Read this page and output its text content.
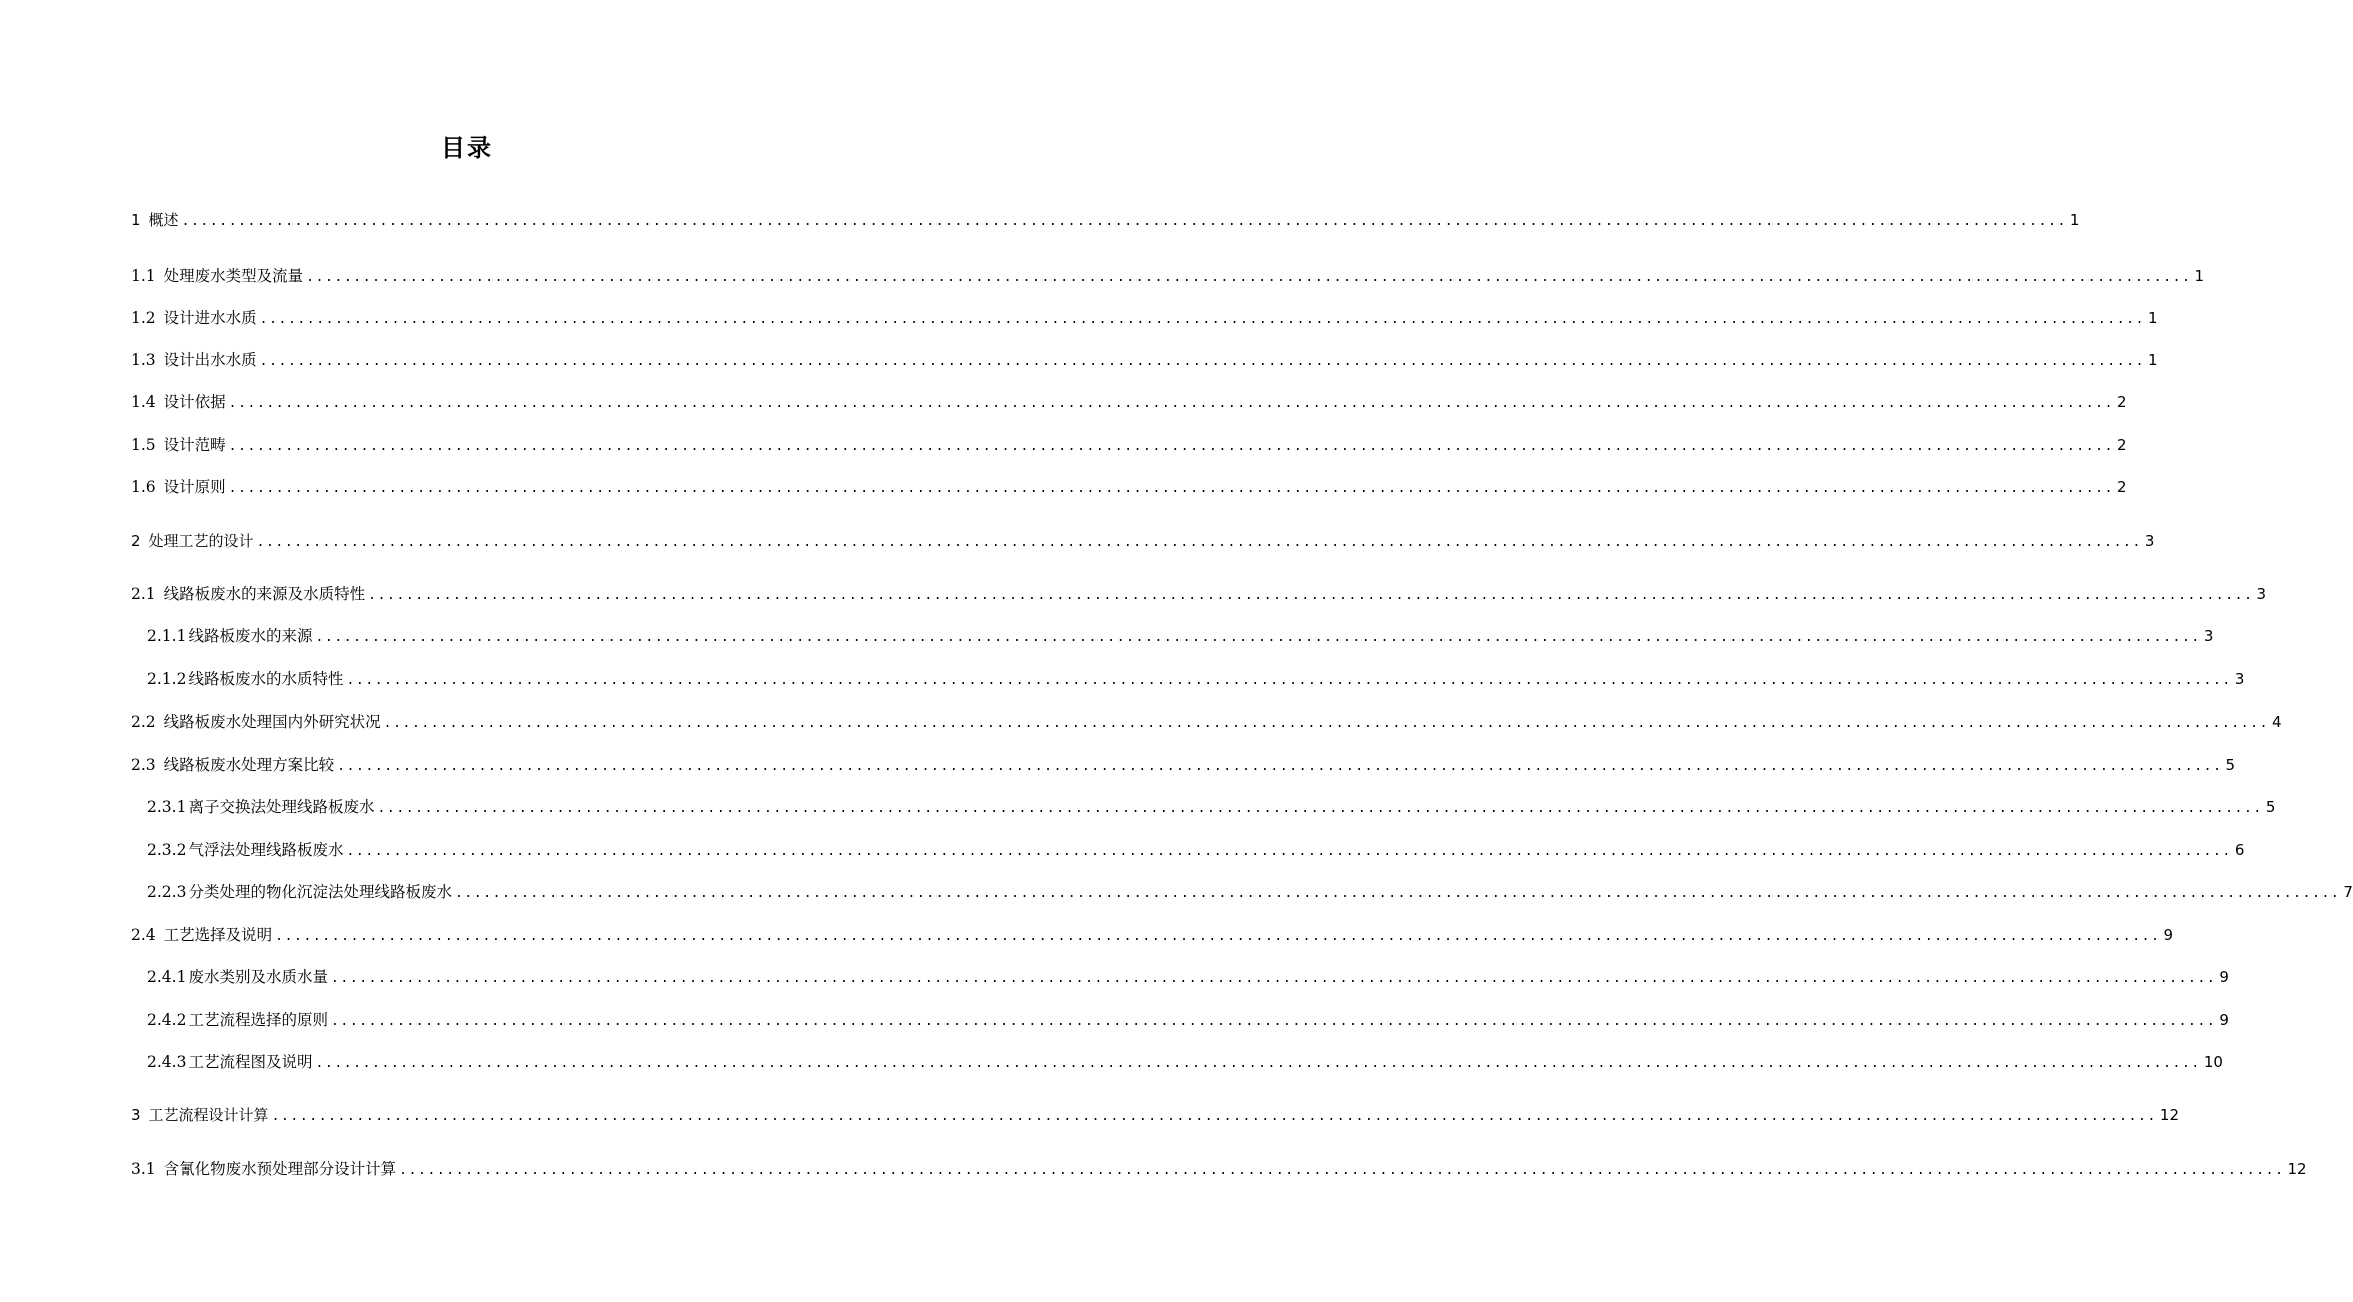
目录
1 概述 ........................................................................................................................................................................................................ 1
1.1 处理废水类型及流量 ........................................................................................................................................................................................................ 1
1.2 设计进水水质 ........................................................................................................................................................................................................ 1
1.3 设计出水水质 ........................................................................................................................................................................................................ 1
1.4 设计依据 ........................................................................................................................................................................................................ 2
1.5 设计范畴 ........................................................................................................................................................................................................ 2
1.6 设计原则 ........................................................................................................................................................................................................ 2
2 处理工艺的设计 ........................................................................................................................................................................................................ 3
2.1 线路板废水的来源及水质特性 ........................................................................................................................................................................................................ 3
2.1.1 线路板废水的来源 ........................................................................................................................................................................................................ 3
2.1.2 线路板废水的水质特性 ........................................................................................................................................................................................................ 3
2.2 线路板废水处理国内外研究状况 ........................................................................................................................................................................................................ 4
2.3 线路板废水处理方案比较 ........................................................................................................................................................................................................ 5
2.3.1 离子交换法处理线路板废水 ........................................................................................................................................................................................................ 5
2.3.2 气浮法处理线路板废水 ........................................................................................................................................................................................................ 6
2.2.3 分类处理的物化沉淀法处理线路板废水 ........................................................................................................................................................................................................ 7
2.4 工艺选择及说明 ........................................................................................................................................................................................................ 9
2.4.1 废水类别及水质水量 ........................................................................................................................................................................................................ 9
2.4.2 工艺流程选择的原则 ........................................................................................................................................................................................................ 9
2.4.3 工艺流程图及说明 ........................................................................................................................................................................................................ 10
3 工艺流程设计计算 ........................................................................................................................................................................................................ 12
3.1 含氰化物废水预处理部分设计计算 ........................................................................................................................................................................................................ 12
